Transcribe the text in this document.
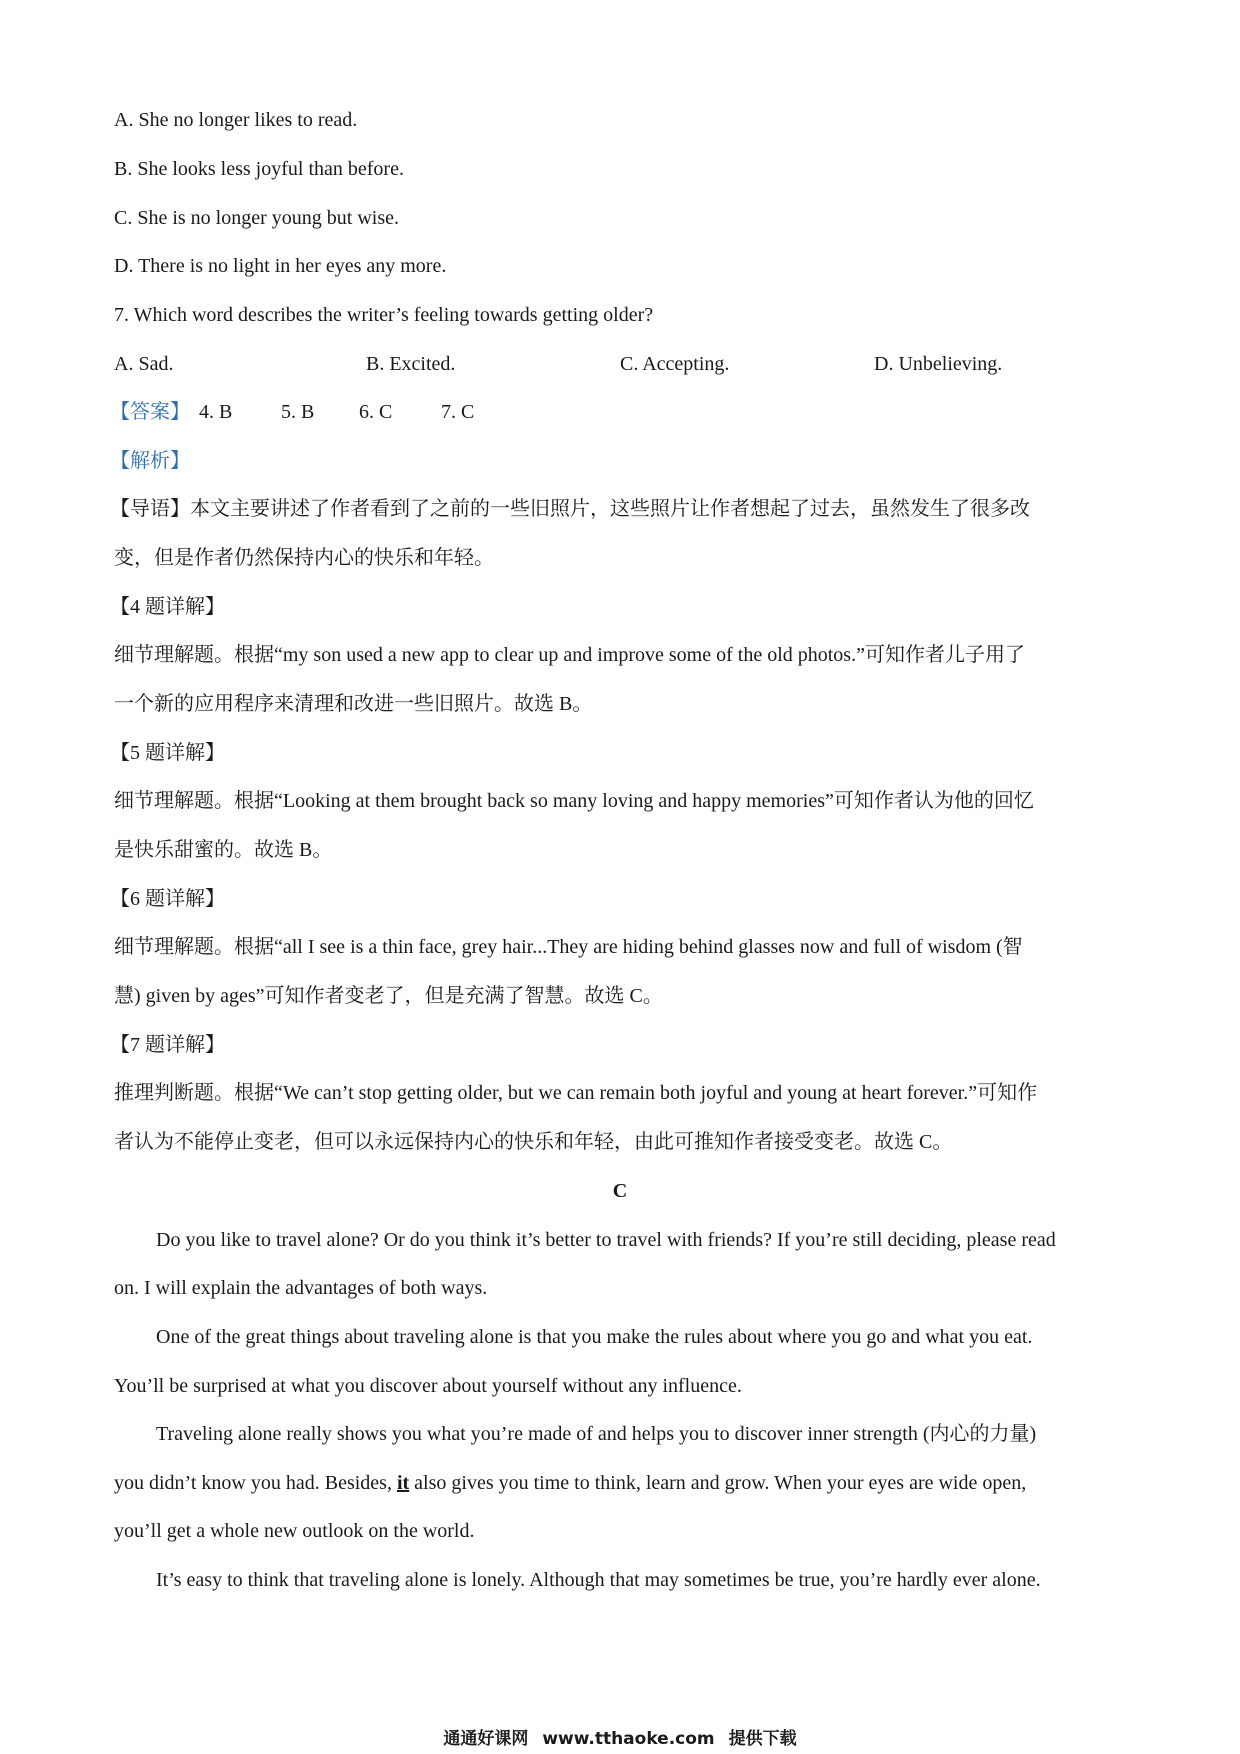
A. She no longer likes to read.
B. She looks less joyful than before.
C. She is no longer young but wise.
D. There is no light in her eyes any more.
7. Which word describes the writer’s feeling towards getting older?
A. Sad.	B. Excited.	C. Accepting.	D. Unbelieving.
【答案】 4. B 5. B 6. C 7. C
【解析】
【导语】本文主要讲述了作者看到了之前的一些旧照片，这些照片让作者想起了过去，虽然发生了很多改
变，但是作者仍然保持内心的快乐和年轻。
【4 题详解】
细节理解题。根据“my son used a new app to clear up and improve some of the old photos.”可知作者儿子用了
一个新的应用程序来清理和改进一些旧照片。故选 B。
【5 题详解】
细节理解题。根据“Looking at them brought back so many loving and happy memories”可知作者认为他的回忆
是快乐甜蜜的。故选 B。
【6 题详解】
细节理解题。根据“all I see is a thin face, grey hair...They are hiding behind glasses now and full of wisdom (智
慧) given by ages”可知作者变老了，但是充满了智慧。故选 C。
【7 题详解】
推理判断题。根据“We can’t stop getting older, but we can remain both joyful and young at heart forever.”可知作
者认为不能停止变老，但可以永远保持内心的快乐和年轻，由此可推知作者接受变老。故选 C。
C
Do you like to travel alone? Or do you think it’s better to travel with friends? If you’re still deciding, please read
on. I will explain the advantages of both ways.
One of the great things about traveling alone is that you make the rules about where you go and what you eat.
You’ll be surprised at what you discover about yourself without any influence.
Traveling alone really shows you what you’re made of and helps you to discover inner strength (内心的力量)
you didn’t know you had. Besides, it also gives you time to think, learn and grow. When your eyes are wide open,
you’ll get a whole new outlook on the world.
It’s easy to think that traveling alone is lonely. Although that may sometimes be true, you’re hardly ever alone.
通通好课网 www.tthaoke.com 提供下载
